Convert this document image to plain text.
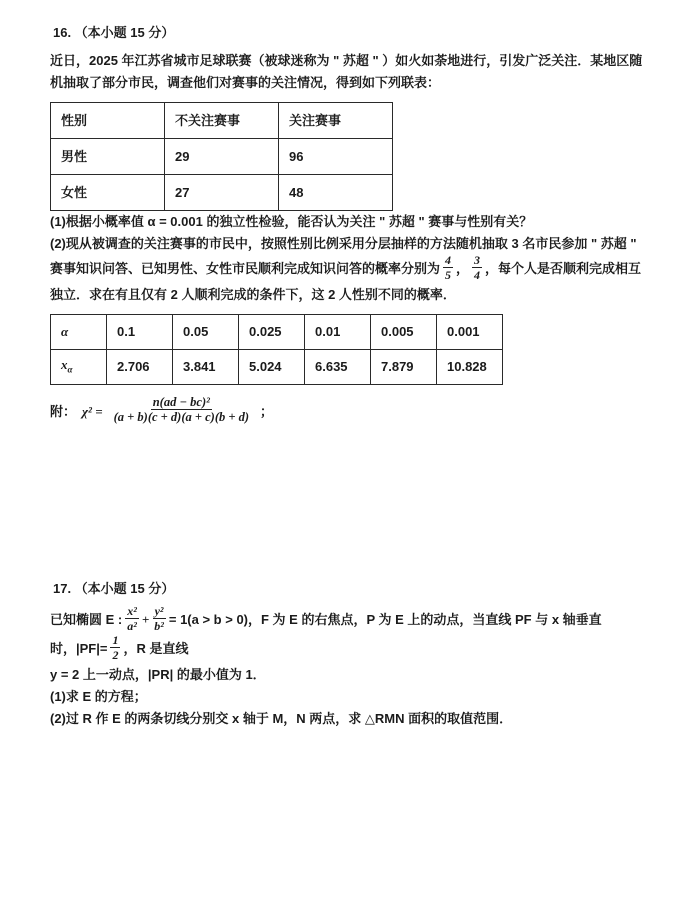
16. （本小题 15 分）

近日，2025 年江苏省城市足球联赛（被球迷称为 " 苏超 " ）如火如荼地进行，引发广泛关注．某地区随机抽取了部分市民，调查他们对赛事的关注情况，得到如下列联表：

性别	不关注赛事	关注赛事
男性	29	96
女性	27	48

(1)根据小概率值 α = 0.001 的独立性检验，能否认为关注 " 苏超 " 赛事与性别有关？

(2)现从被调查的关注赛事的市民中，按照性别比例采用分层抽样的方法随机抽取 3 名市民参加 " 苏超 " 赛事知识问答、已知男性、女性市民顺利完成知识问答的概率分别为 $\frac{4}{5}$ ， $\frac{3}{4}$ ，每个人是否顺利完成相互独立．求在有且仅有 2 人顺利完成的条件下，这 2 人性别不同的概率．

α	0.1	0.05	0.025	0.01	0.005	0.001
$x_\alpha$	2.706	3.841	5.024	6.635	7.879	10.828
附： $\chi^2 = \frac{\text{n(ad − bc)²}}{(a + b)(c + d)(a + c)(b + d)}$ ；

17. （本小题 15 分）

已知椭圆 E : $\frac{\text{x²}}{\text{a²}} + \frac{\text{y²}}{\text{b²}} = 1(a > b > 0)$，F 为 E 的右焦点，P 为 E 上的动点，当直线 PF 与 x 轴垂直时，$|PF|= \frac{1}{2}$ ，R 是直线

y = 2 上一动点，|PR| 的最小值为 1．

(1)求 E 的方程；

(2)过 R 作 E 的两条切线分别交 x 轴于 M，N 两点，求 △RMN 面积的取值范围．
